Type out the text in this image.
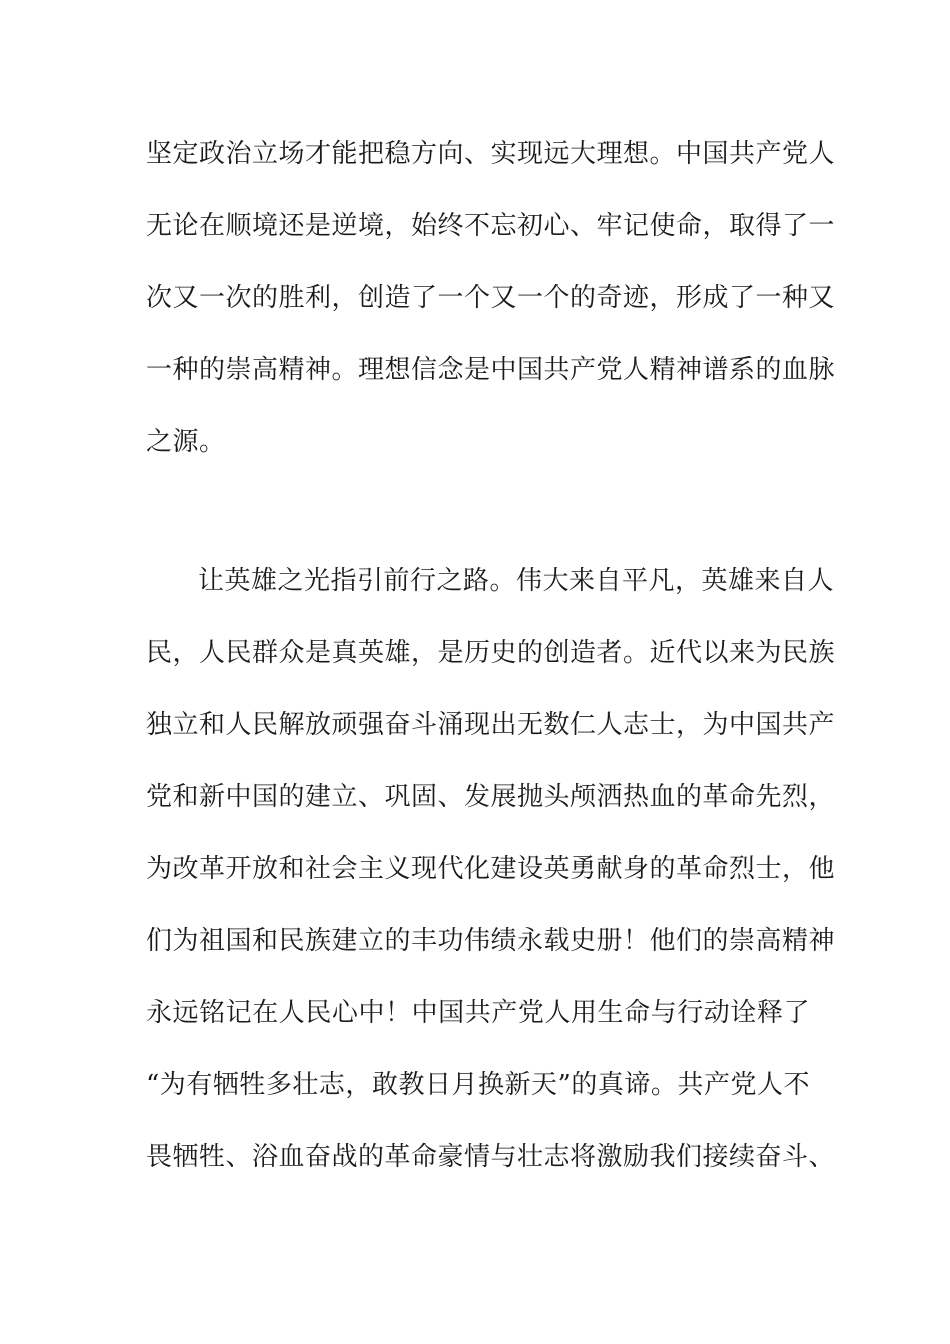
坚定政治立场才能把稳方向、实现远大理想。中国共产党人
无论在顺境还是逆境，始终不忘初心、牢记使命，取得了一
次又一次的胜利，创造了一个又一个的奇迹，形成了一种又
一种的崇高精神。理想信念是中国共产党人精神谱系的血脉
之源。
让英雄之光指引前行之路。伟大来自平凡，英雄来自人
民，人民群众是真英雄，是历史的创造者。近代以来为民族
独立和人民解放顽强奋斗涌现出无数仁人志士，为中国共产
党和新中国的建立、巩固、发展抛头颅洒热血的革命先烈，
为改革开放和社会主义现代化建设英勇献身的革命烈士，他
们为祖国和民族建立的丰功伟绩永载史册！他们的崇高精神
永远铭记在人民心中！中国共产党人用生命与行动诠释了
“为有牺牲多壮志，敢教日月换新天”的真谛。共产党人不
畏牺牲、浴血奋战的革命豪情与壮志将激励我们接续奋斗、
